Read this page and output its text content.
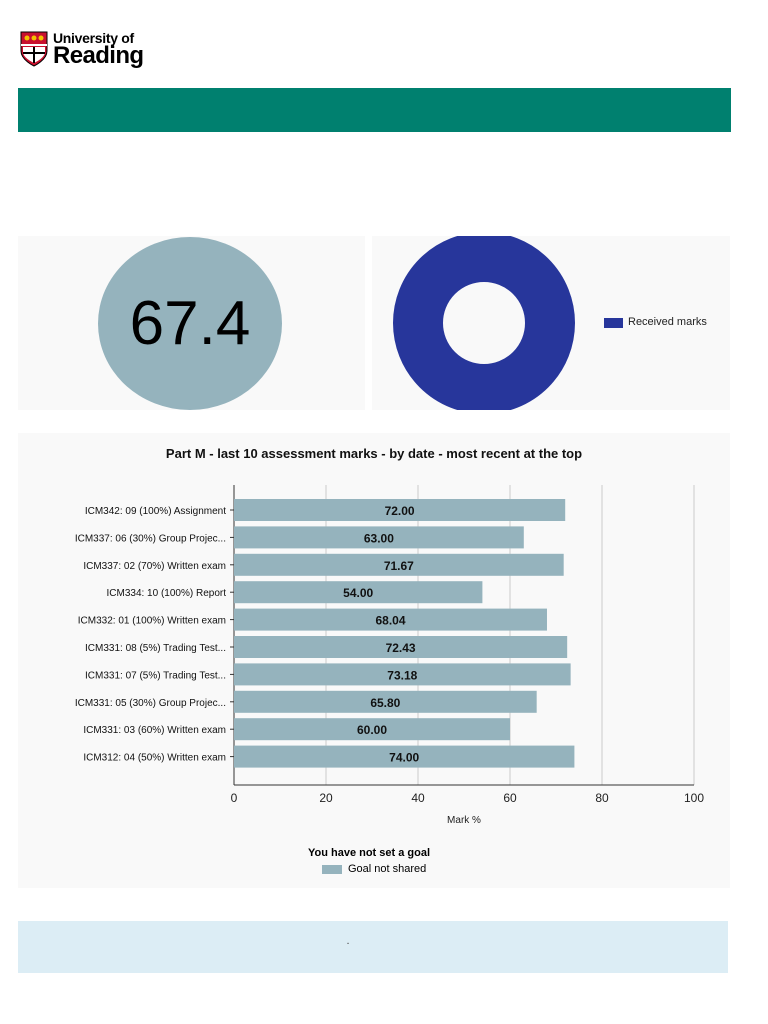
University of
Reading
67.4	Received marks
Part M - last 10 assessment marks - by date - most recent at the top
0	20	40	60	80	100
Mark %
ICM342: 09 (100%) Assignment	72.00
ICM337: 06 (30%) Group Projec...	63.00
ICM337: 02 (70%) Written exam	71.67
ICM334: 10 (100%) Report	54.00
ICM332: 01 (100%) Written exam	68.04
ICM331: 08 (5%) Trading Test...	72.43
ICM331: 07 (5%) Trading Test...	73.18
ICM331: 05 (30%) Group Projec...	65.80
ICM331: 03 (60%) Written exam	60.00
ICM312: 04 (50%) Written exam	74.00
You have not set a goal
Goal not shared
.
